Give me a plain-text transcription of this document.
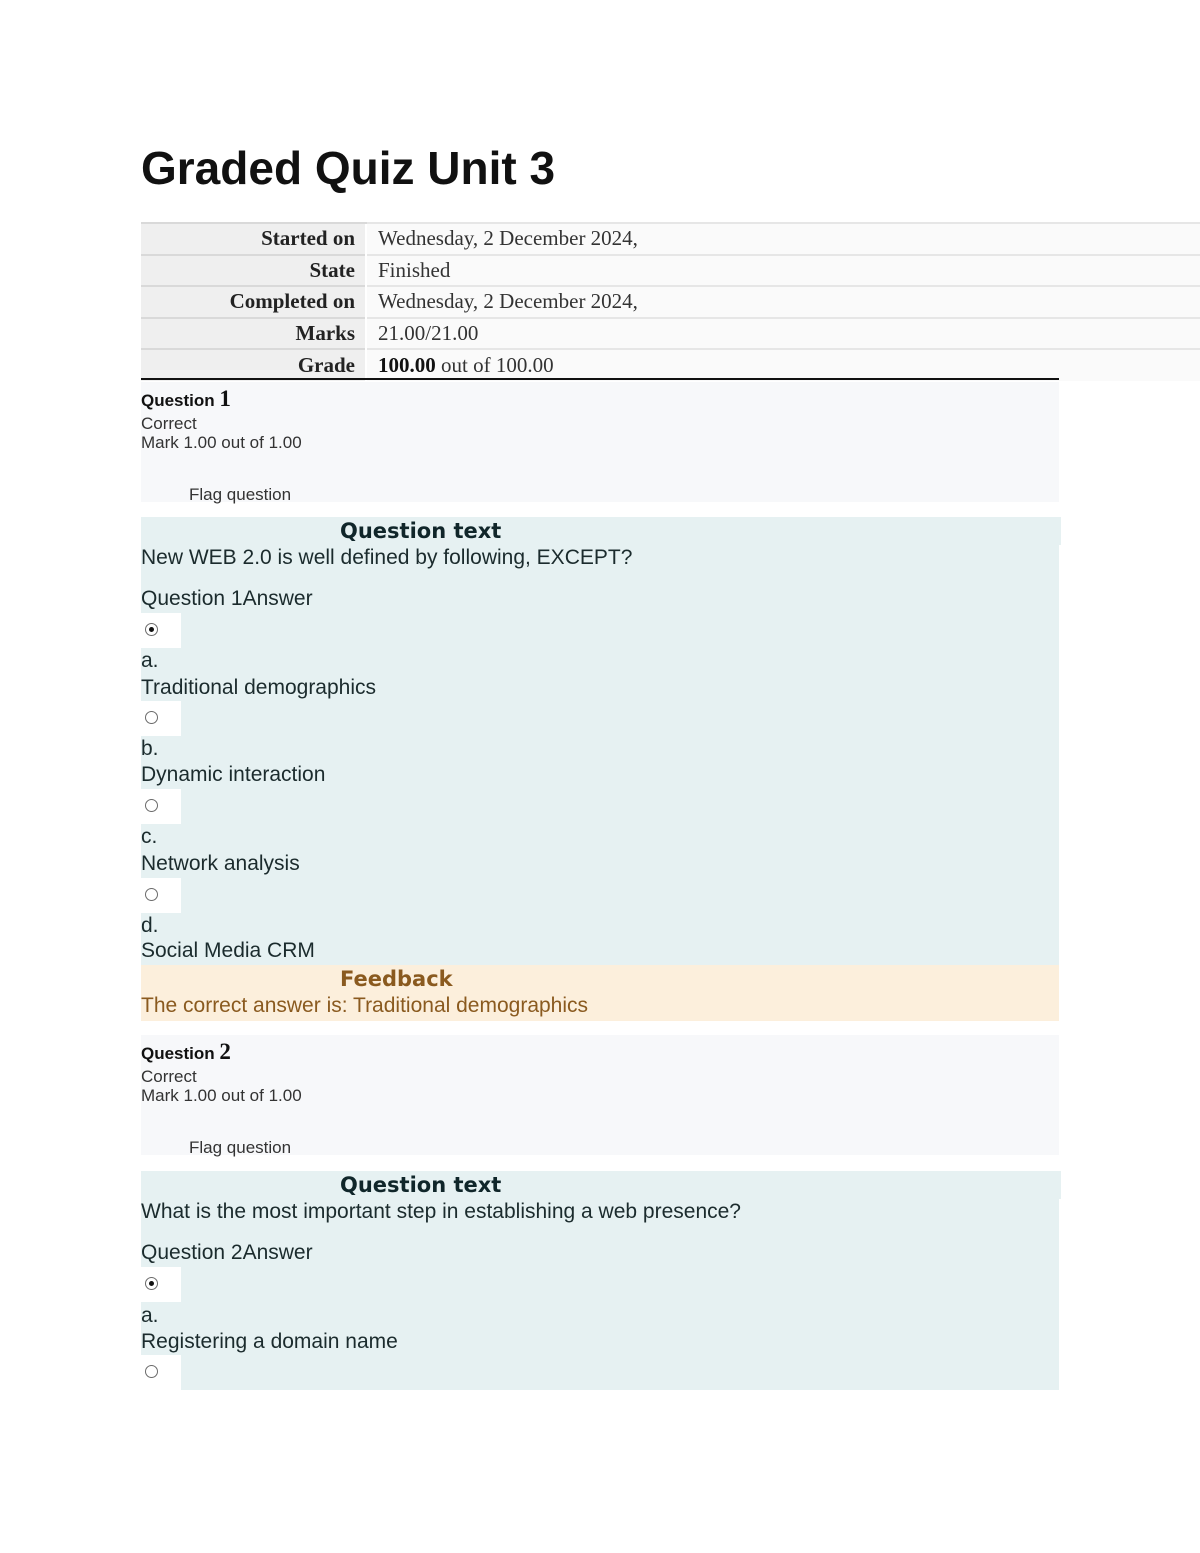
Graded Quiz Unit 3
Started on	Wednesday, 2 December 2024,
State	Finished
Completed on	Wednesday, 2 December 2024,
Marks	21.00/21.00
Grade	100.00 out of 100.00
Question 1
Correct
Mark 1.00 out of 1.00
Flag question
Question text
New WEB 2.0 is well defined by following, EXCEPT?
Question 1Answer
a.
Traditional demographics
b.
Dynamic interaction
c.
Network analysis
d.
Social Media CRM
Feedback
The correct answer is: Traditional demographics
Question 2
Correct
Mark 1.00 out of 1.00
Flag question
Question text
What is the most important step in establishing a web presence?
Question 2Answer
a.
Registering a domain name
